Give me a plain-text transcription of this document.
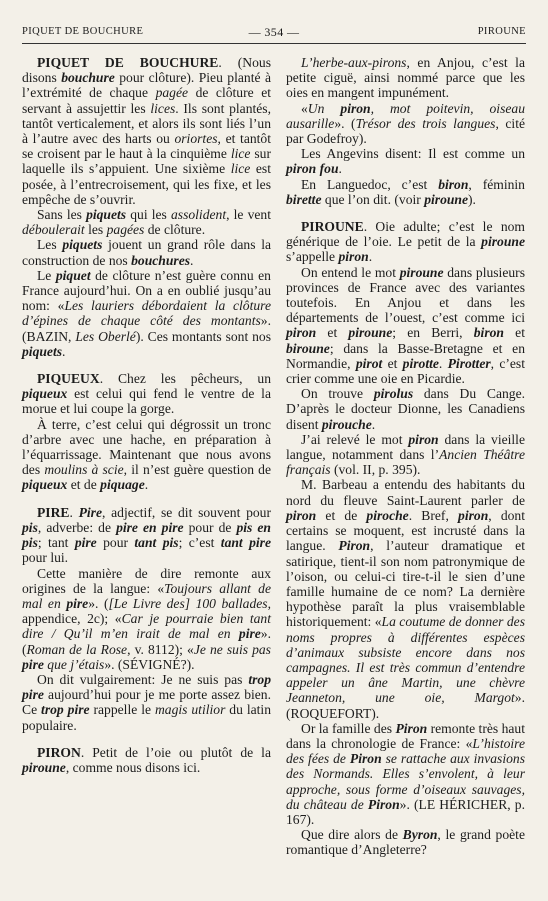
PIQUET DE BOUCHURE	— 354 —	PIROUNE

PIQUET DE BOUCHURE. (Nous disons bouchure pour clôture). Pieu planté à l’extrémité de chaque pagée de clôture et servant à assujettir les lices. Ils sont plantés, tantôt verticalement, et alors ils sont liés l’un à l’autre avec des harts ou oriortes, et tantôt se croisent par le haut à la cinquième lice sur laquelle ils s’appuient. Une sixième lice est posée, à l’entrecroisement, qui les fixe, et les empêche de s’ouvrir.

Sans les piquets qui les assolident, le vent déboulerait les pagées de clôture.

Les piquets jouent un grand rôle dans la construction de nos bouchures.

Le piquet de clôture n’est guère connu en France aujourd’hui. On a en oublié jusqu’au nom: «Les lauriers débordaient la clôture d’épines de chaque côté des montants». (BAZIN, Les Oberlé). Ces montants sont nos piquets.

PIQUEUX. Chez les pêcheurs, un piqueux est celui qui fend le ventre de la morue et lui coupe la gorge.

À terre, c’est celui qui dégrossit un tronc d’arbre avec une hache, en préparation à l’équarrissage. Maintenant que nous avons des moulins à scie, il n’est guère question de piqueux et de piquage.

PIRE. Pire, adjectif, se dit souvent pour pis, adverbe: de pire en pire pour de pis en pis; tant pire pour tant pis; c’est tant pire pour lui.

Cette manière de dire remonte aux origines de la langue: «Toujours allant de mal en pire». ([Le Livre des] 100 ballades, appendice, 2c); «Car je pourraie bien tant dire / Qu’il m’en irait de mal en pire». (Roman de la Rose, v. 8112); «Je ne suis pas pire que j’étais». (SÉVIGNÉ?).

On dit vulgairement: Je ne suis pas trop pire aujourd’hui pour je me porte assez bien. Ce trop pire rappelle le magis utilior du latin populaire.

PIRON. Petit de l’oie ou plutôt de la piroune, comme nous disons ici.

L’herbe-aux-pirons, en Anjou, c’est la petite ciguë, ainsi nommé parce que les oies en mangent impunément.

«Un piron, mot poitevin, oiseau ausarille». (Trésor des trois langues, cité par Godefroy).

Les Angevins disent: Il est comme un piron fou.

En Languedoc, c’est biron, féminin birette que l’on dit. (voir piroune).

PIROUNE. Oie adulte; c’est le nom générique de l’oie. Le petit de la piroune s’appelle piron.

On entend le mot piroune dans plusieurs provinces de France avec des variantes toutefois. En Anjou et dans les départements de l’ouest, c’est comme ici piron et piroune; en Berri, biron et biroune; dans la Basse-Bretagne et en Normandie, pirot et pirotte. Pirotter, c’est crier comme une oie en Picardie.

On trouve pirolus dans Du Cange. D’après le docteur Dionne, les Canadiens disent pirouche.

J’ai relevé le mot piron dans la vieille langue, notamment dans l’Ancien Théâtre français (vol. II, p. 395).

M. Barbeau a entendu des habitants du nord du fleuve Saint-Laurent parler de piron et de piroche. Bref, piron, dont certains se moquent, est incrusté dans la langue. Piron, l’auteur dramatique et satirique, tient-il son nom patronymique de l’oison, ou celui-ci tire-t-il le sien d’une famille humaine de ce nom? La dernière hypothèse paraît la plus vraisemblable historiquement: «La coutume de donner des noms propres à différentes espèces d’animaux subsiste encore dans nos campagnes. Il est très commun d’entendre appeler un âne Martin, une chèvre Jeanneton, une oie, Margot». (ROQUEFORT).

Or la famille des Piron remonte très haut dans la chronologie de France: «L’histoire des fées de Piron se rattache aux invasions des Normands. Elles s’envolent, à leur approche, sous forme d’oiseaux sauvages, du château de Piron». (LE HÉRICHER, p. 167).

Que dire alors de Byron, le grand poète romantique d’Angleterre?
